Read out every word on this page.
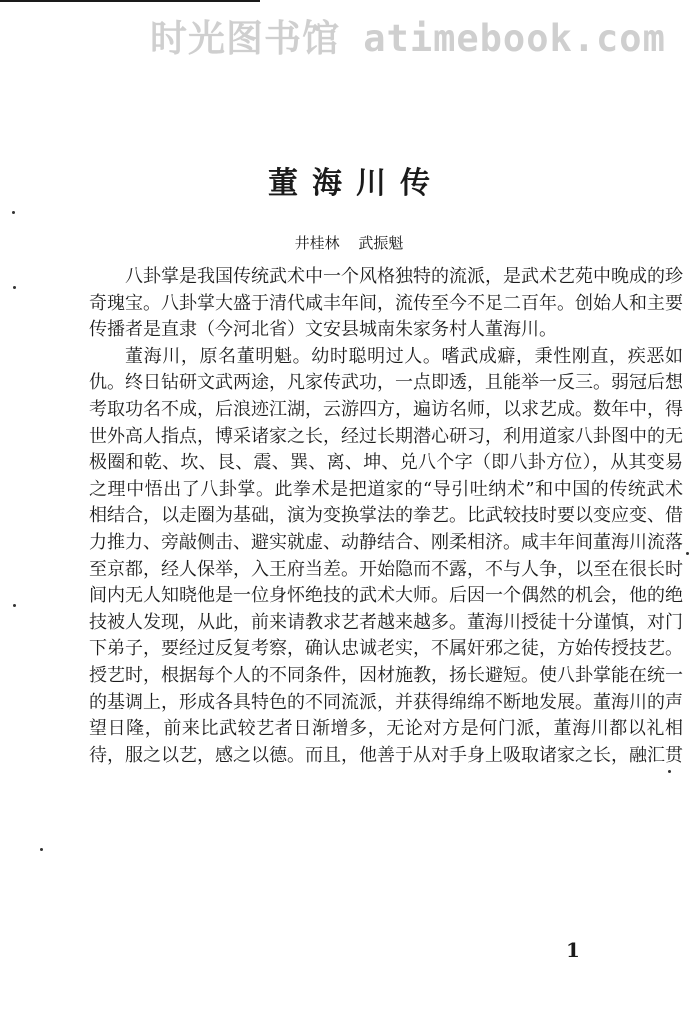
时光图书馆 atimebook.com
董海川传
井桂林 武振魁

八卦掌是我国传统武术中一个风格独特的流派，是武术艺苑中晚成的珍奇瑰宝。八卦掌大盛于清代咸丰年间，流传至今不足二百年。创始人和主要传播者是直隶（今河北省）文安县城南朱家务村人董海川。

董海川，原名董明魁。幼时聪明过人。嗜武成癖，秉性刚直，疾恶如仇。终日钻研文武两途，凡家传武功，一点即透，且能举一反三。弱冠后想考取功名不成，后浪迹江湖，云游四方，遍访名师，以求艺成。数年中，得世外高人指点，博采诸家之长，经过长期潜心研习，利用道家八卦图中的无极圈和乾、坎、艮、震、巽、离、坤、兑八个字（即八卦方位），从其变易之理中悟出了八卦掌。此拳术是把道家的“导引吐纳术”和中国的传统武术相结合，以走圈为基础，演为变换掌法的拳艺。比武较技时要以变应变、借力推力、旁敲侧击、避实就虚、动静结合、刚柔相济。咸丰年间董海川流落至京都，经人保举，入王府当差。开始隐而不露，不与人争，以至在很长时间内无人知晓他是一位身怀绝技的武术大师。后因一个偶然的机会，他的绝技被人发现，从此，前来请教求艺者越来越多。董海川授徒十分谨慎，对门下弟子，要经过反复考察，确认忠诚老实，不属奸邪之徒，方始传授技艺。授艺时，根据每个人的不同条件，因材施教，扬长避短。使八卦掌能在统一的基调上，形成各具特色的不同流派，并获得绵绵不断地发展。董海川的声望日隆，前来比武较艺者日渐增多，无论对方是何门派，董海川都以礼相待，服之以艺，感之以德。而且，他善于从对手身上吸取诸家之长，融汇贯

1
